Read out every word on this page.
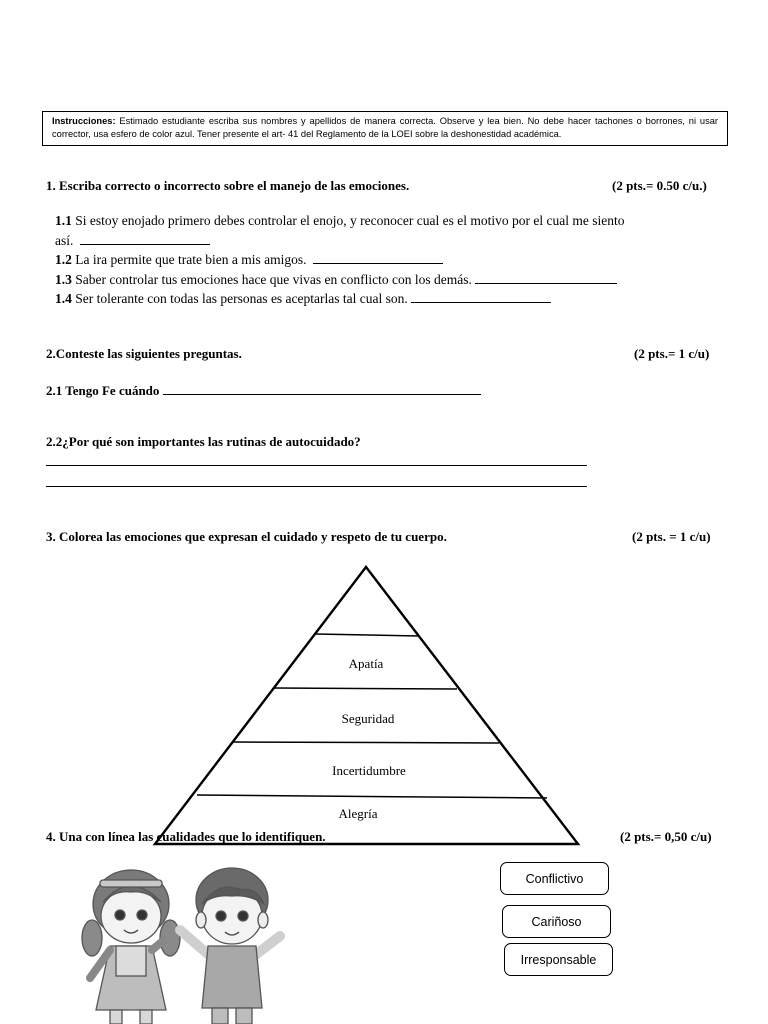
Instrucciones: Estimado estudiante escriba sus nombres y apellidos de manera correcta. Observe y lea bien. No debe hacer tachones o borrones, ni usar corrector, usa esfero de color azul. Tener presente el art- 41 del Reglamento de la LOEI sobre la deshonestidad académica.
1. Escriba correcto o incorrecto sobre el manejo de las emociones.	(2 pts.= 0.50 c/u.)
1.1 Si estoy enojado primero debes controlar el enojo, y reconocer cual es el motivo por el cual me siento
así.
1.2 La ira permite que trate bien a mis amigos.
1.3 Saber controlar tus emociones hace que vivas en conflicto con los demás.
1.4 Ser tolerante con todas las personas es aceptarlas tal cual son.
2.Conteste las siguientes preguntas.	(2 pts.= 1 c/u)
2.1 Tengo Fe cuándo
2.2¿Por qué son importantes las rutinas de autocuidado?
3. Colorea las emociones que expresan el cuidado y respeto de tu cuerpo.	(2 pts. = 1 c/u)
Apatía
Seguridad
Incertidumbre
Alegría
4. Una con línea las cualidades que lo identifiquen.	(2 pts.= 0,50 c/u)
Conflictivo
Cariñoso
Irresponsable
